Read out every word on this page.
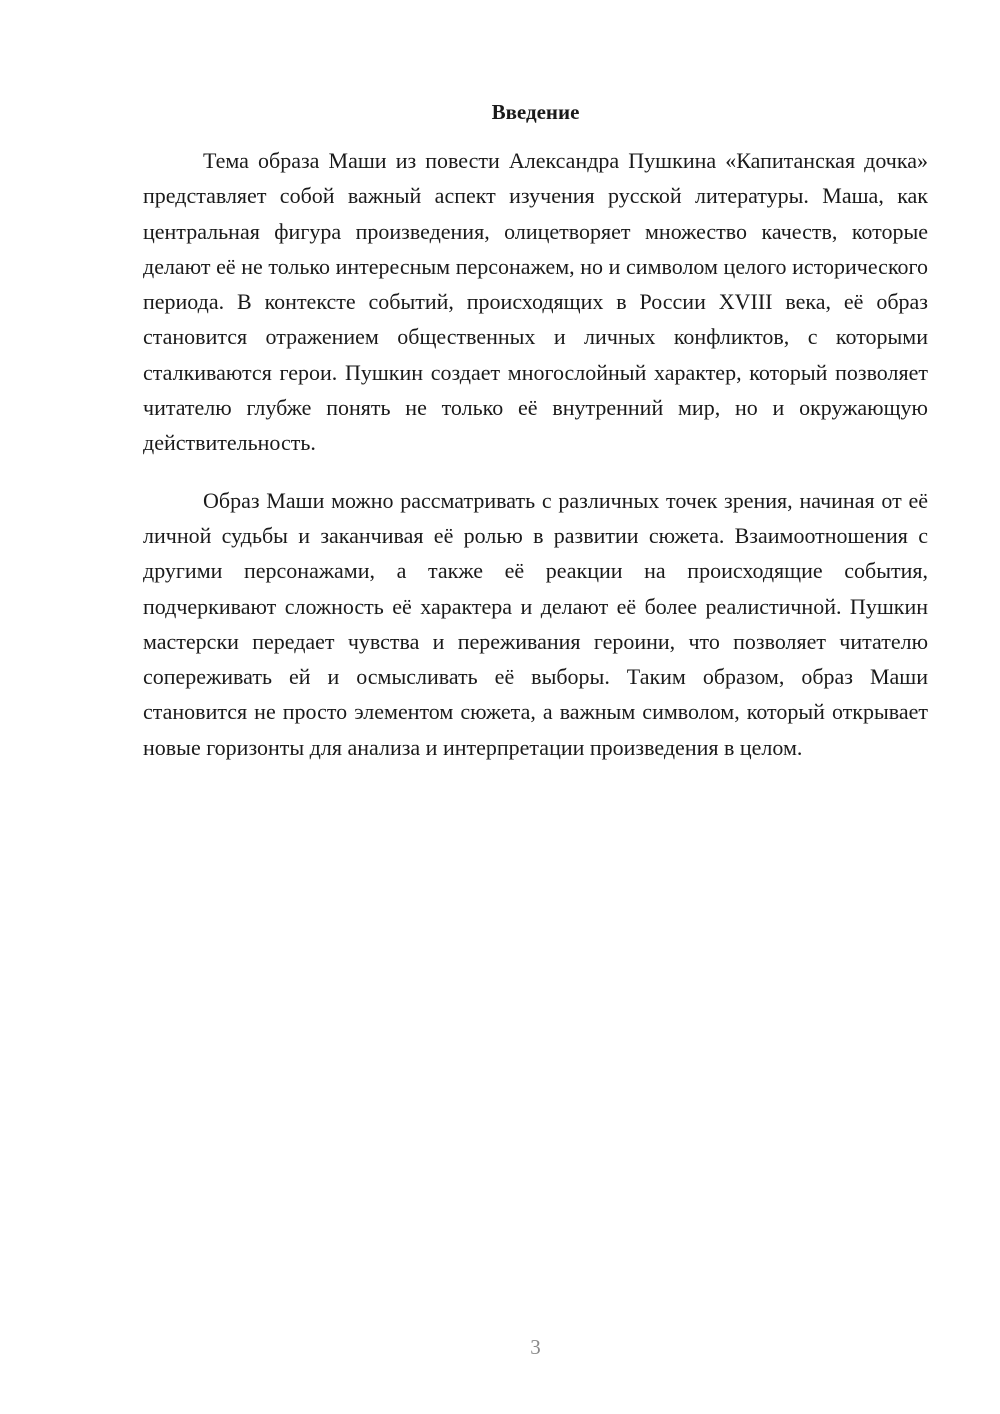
Введение

Тема образа Маши из повести Александра Пушкина «Капитанская дочка» представляет собой важный аспект изучения русской литературы. Маша, как центральная фигура произведения, олицетворяет множество качеств, которые делают её не только интересным персонажем, но и символом целого исторического периода. В контексте событий, происходящих в России XVIII века, её образ становится отражением общественных и личных конфликтов, с которыми сталкиваются герои. Пушкин создает многослойный характер, который позволяет читателю глубже понять не только её внутренний мир, но и окружающую действительность.

Образ Маши можно рассматривать с различных точек зрения, начиная от её личной судьбы и заканчивая её ролью в развитии сюжета. Взаимоотношения с другими персонажами, а также её реакции на происходящие события, подчеркивают сложность её характера и делают её более реалистичной. Пушкин мастерски передает чувства и переживания героини, что позволяет читателю сопереживать ей и осмысливать её выборы. Таким образом, образ Маши становится не просто элементом сюжета, а важным символом, который открывает новые горизонты для анализа и интерпретации произведения в целом.

3
